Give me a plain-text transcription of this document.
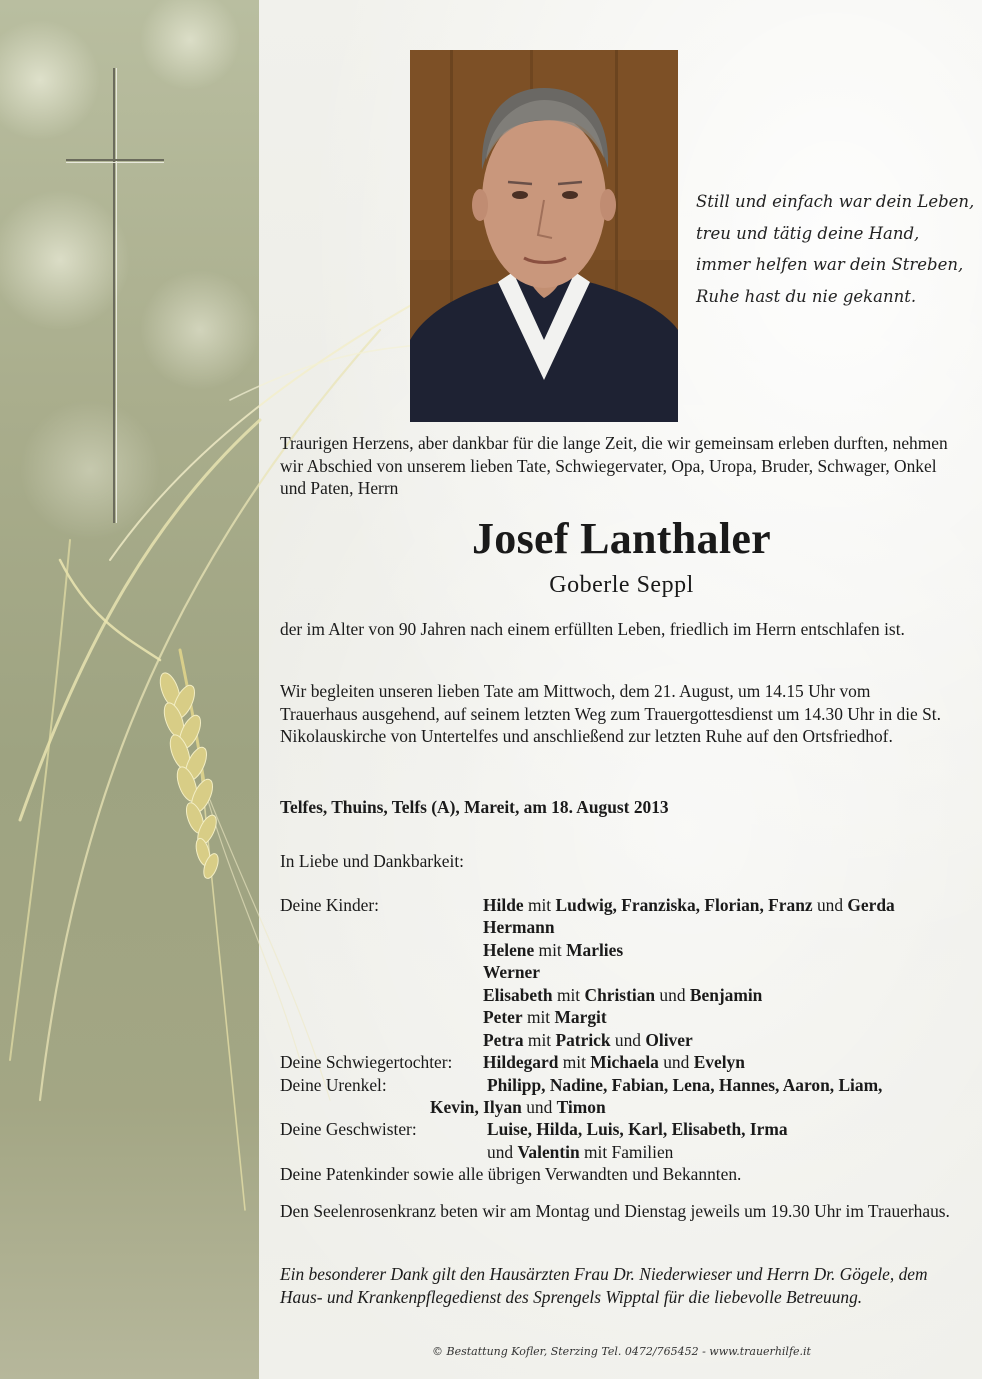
Still und einfach war dein Leben,
treu und tätig deine Hand,
immer helfen war dein Streben,
Ruhe hast du nie gekannt.
Traurigen Herzens, aber dankbar für die lange Zeit, die wir gemeinsam erleben durften, nehmen wir Abschied von unserem lieben Tate, Schwiegervater, Opa, Uropa, Bruder, Schwager, Onkel und Paten, Herrn
Josef Lanthaler
Goberle Seppl
der im Alter von 90 Jahren nach einem erfüllten Leben, friedlich im Herrn entschlafen ist.
Wir begleiten unseren lieben Tate am Mittwoch, dem 21. August, um 14.15 Uhr vom Trauerhaus ausgehend, auf seinem letzten Weg zum Trauergottesdienst um 14.30 Uhr in die St. Nikolauskirche von Untertelfes und anschließend zur letzten Ruhe auf den Ortsfriedhof.
Telfes, Thuins, Telfs (A), Mareit, am 18. August 2013
In Liebe und Dankbarkeit:
Deine Kinder:	Hilde mit Ludwig, Franziska, Florian, Franz und Gerda
Hermann
Helene mit Marlies
Werner
Elisabeth mit Christian und Benjamin
Peter mit Margit
Petra mit Patrick und Oliver
Deine Schwiegertochter: Hildegard mit Michaela und Evelyn
Deine Urenkel:	Philipp, Nadine, Fabian, Lena, Hannes, Aaron, Liam,
Kevin, Ilyan und Timon
Deine Geschwister:	Luise, Hilda, Luis, Karl, Elisabeth, Irma
und Valentin mit Familien
Deine Patenkinder sowie alle übrigen Verwandten und Bekannten.
Den Seelenrosenkranz beten wir am Montag und Dienstag jeweils um 19.30 Uhr im Trauerhaus.
Ein besonderer Dank gilt den Hausärzten Frau Dr. Niederwieser und Herrn Dr. Gögele, dem Haus- und Krankenpflegedienst des Sprengels Wipptal für die liebevolle Betreuung.
© Bestattung Kofler, Sterzing Tel. 0472/765452 - www.trauerhilfe.it
